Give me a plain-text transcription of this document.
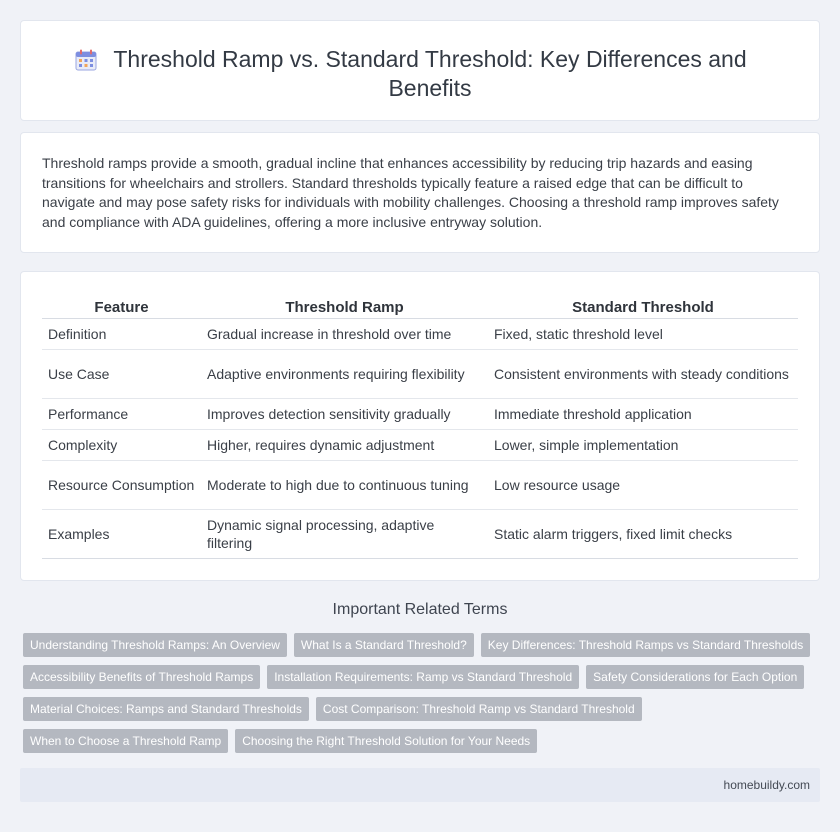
Threshold Ramp vs. Standard Threshold: Key Differences and Benefits

Threshold ramps provide a smooth, gradual incline that enhances accessibility by reducing trip hazards and easing transitions for wheelchairs and strollers. Standard thresholds typically feature a raised edge that can be difficult to navigate and may pose safety risks for individuals with mobility challenges. Choosing a threshold ramp improves safety and compliance with ADA guidelines, offering a more inclusive entryway solution.

Feature	Threshold Ramp	Standard Threshold
Definition	Gradual increase in threshold over time	Fixed, static threshold level
Use Case	Adaptive environments requiring flexibility	Consistent environments with steady conditions
Performance	Improves detection sensitivity gradually	Immediate threshold application
Complexity	Higher, requires dynamic adjustment	Lower, simple implementation
Resource Consumption	Moderate to high due to continuous tuning	Low resource usage
Examples	Dynamic signal processing, adaptive filtering	Static alarm triggers, fixed limit checks
Important Related Terms
Understanding Threshold Ramps: An Overview What Is a Standard Threshold? Key Differences: Threshold Ramps vs Standard Thresholds
Accessibility Benefits of Threshold Ramps Installation Requirements: Ramp vs Standard Threshold Safety Considerations for Each Option
Material Choices: Ramps and Standard Thresholds Cost Comparison: Threshold Ramp vs Standard Threshold
When to Choose a Threshold Ramp Choosing the Right Threshold Solution for Your Needs
homebuildy.com
